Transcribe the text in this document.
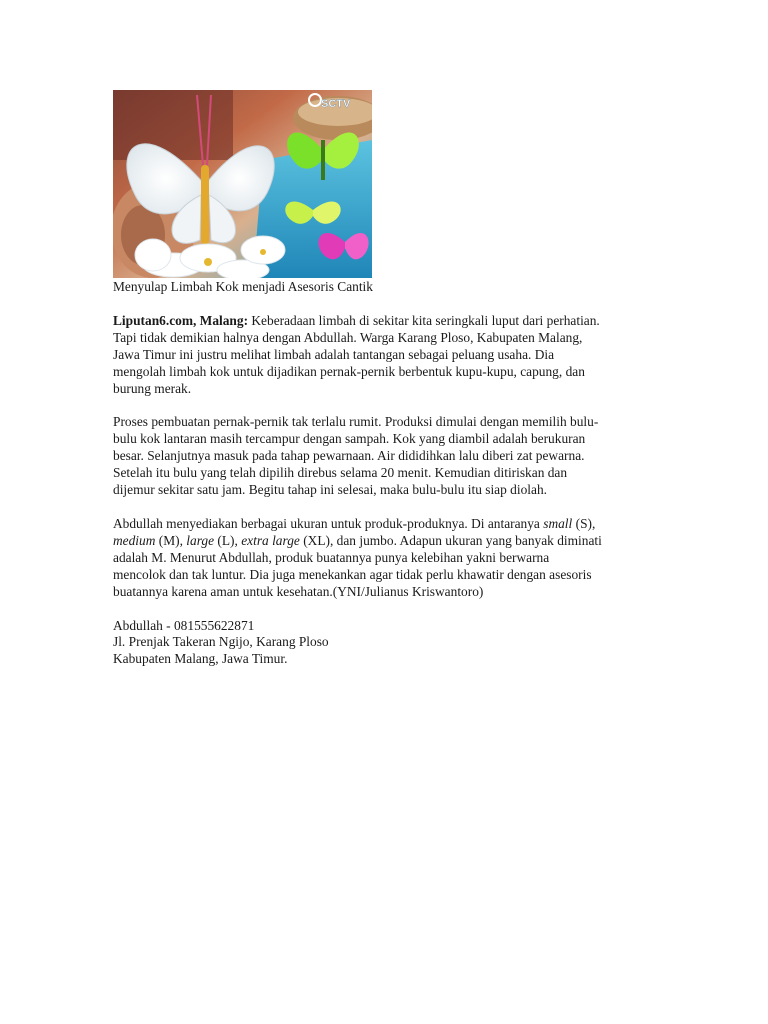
SCTV
Menyulap Limbah Kok menjadi Asesoris Cantik

Liputan6.com, Malang: Keberadaan limbah di sekitar kita seringkali luput dari perhatian.
Tapi tidak demikian halnya dengan Abdullah. Warga Karang Ploso, Kabupaten Malang,
Jawa Timur ini justru melihat limbah adalah tantangan sebagai peluang usaha. Dia
mengolah limbah kok untuk dijadikan pernak-pernik berbentuk kupu-kupu, capung, dan
burung merak.

Proses pembuatan pernak-pernik tak terlalu rumit. Produksi dimulai dengan memilih bulu-
bulu kok lantaran masih tercampur dengan sampah. Kok yang diambil adalah berukuran
besar. Selanjutnya masuk pada tahap pewarnaan. Air dididihkan lalu diberi zat pewarna.
Setelah itu bulu yang telah dipilih direbus selama 20 menit. Kemudian ditiriskan dan
dijemur sekitar satu jam. Begitu tahap ini selesai, maka bulu-bulu itu siap diolah.

Abdullah menyediakan berbagai ukuran untuk produk-produknya. Di antaranya small (S),
medium (M), large (L), extra large (XL), dan jumbo. Adapun ukuran yang banyak diminati
adalah M. Menurut Abdullah, produk buatannya punya kelebihan yakni berwarna
mencolok dan tak luntur. Dia juga menekankan agar tidak perlu khawatir dengan asesoris
buatannya karena aman untuk kesehatan.(YNI/Julianus Kriswantoro)

Abdullah - 081555622871
Jl. Prenjak Takeran Ngijo, Karang Ploso
Kabupaten Malang, Jawa Timur.
